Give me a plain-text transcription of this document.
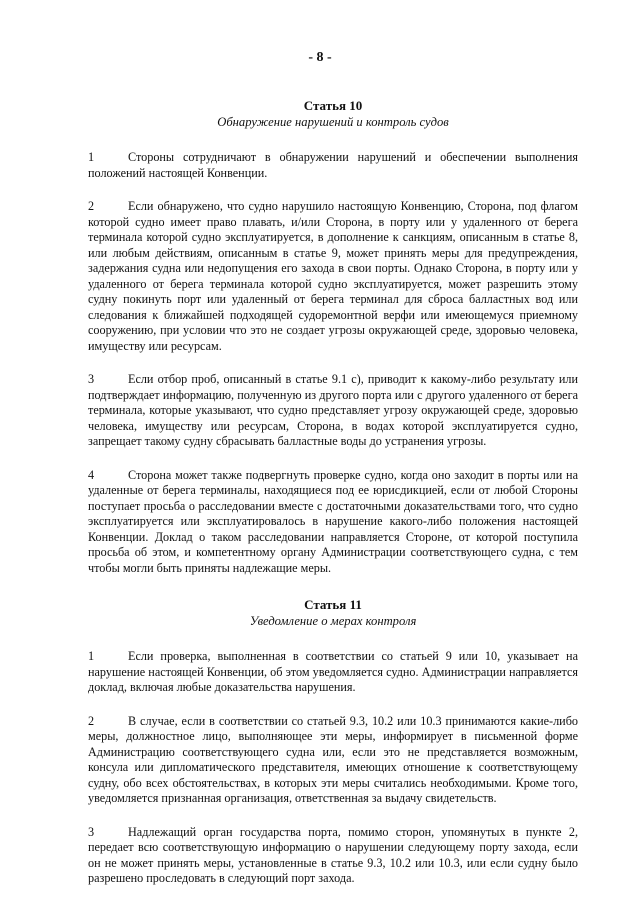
- 8 -

Статья 10

Обнаружение нарушений и контроль судов

1	Стороны сотрудничают в обнаружении нарушений и обеспечении выполнения положений настоящей Конвенции.

2	Если обнаружено, что судно нарушило настоящую Конвенцию, Сторона, под флагом которой судно имеет право плавать, и/или Сторона, в порту или у удаленного от берега терминала которой судно эксплуатируется, в дополнение к санкциям, описанным в статье 8, или любым действиям, описанным в статье 9, может принять меры для предупреждения, задержания судна или недопущения его захода в свои порты. Однако Сторона, в порту или у удаленного от берега терминала которой судно эксплуатируется, может разрешить этому судну покинуть порт или удаленный от берега терминал для сброса балластных вод или следования к ближайшей подходящей судоремонтной верфи или имеющемуся приемному сооружению, при условии что это не создает угрозы окружающей среде, здоровью человека, имуществу или ресурсам.

3	Если отбор проб, описанный в статье 9.1 с), приводит к какому-либо результату или подтверждает информацию, полученную из другого порта или с другого удаленного от берега терминала, которые указывают, что судно представляет угрозу окружающей среде, здоровью человека, имуществу или ресурсам, Сторона, в водах которой эксплуатируется судно, запрещает такому судну сбрасывать балластные воды до устранения угрозы.

4	Сторона может также подвергнуть проверке судно, когда оно заходит в порты или на удаленные от берега терминалы, находящиеся под ее юрисдикцией, если от любой Стороны поступает просьба о расследовании вместе с достаточными доказательствами того, что судно эксплуатируется или эксплуатировалось в нарушение какого-либо положения настоящей Конвенции. Доклад о таком расследовании направляется Стороне, от которой поступила просьба об этом, и компетентному органу Администрации соответствующего судна, с тем чтобы могли быть приняты надлежащие меры.

Статья 11

Уведомление о мерах контроля

1	Если проверка, выполненная в соответствии со статьей 9 или 10, указывает на нарушение настоящей Конвенции, об этом уведомляется судно. Администрации направляется доклад, включая любые доказательства нарушения.

2	В случае, если в соответствии со статьей 9.3, 10.2 или 10.3 принимаются какие-либо меры, должностное лицо, выполняющее эти меры, информирует в письменной форме Администрацию соответствующего судна или, если это не представляется возможным, консула или дипломатического представителя, имеющих отношение к соответствующему судну, обо всех обстоятельствах, в которых эти меры считались необходимыми. Кроме того, уведомляется признанная организация, ответственная за выдачу свидетельств.

3	Надлежащий орган государства порта, помимо сторон, упомянутых в пункте 2, передает всю соответствующую информацию о нарушении следующему порту захода, если он не может принять меры, установленные в статье 9.3, 10.2 или 10.3, или если судну было разрешено проследовать в следующий порт захода.
